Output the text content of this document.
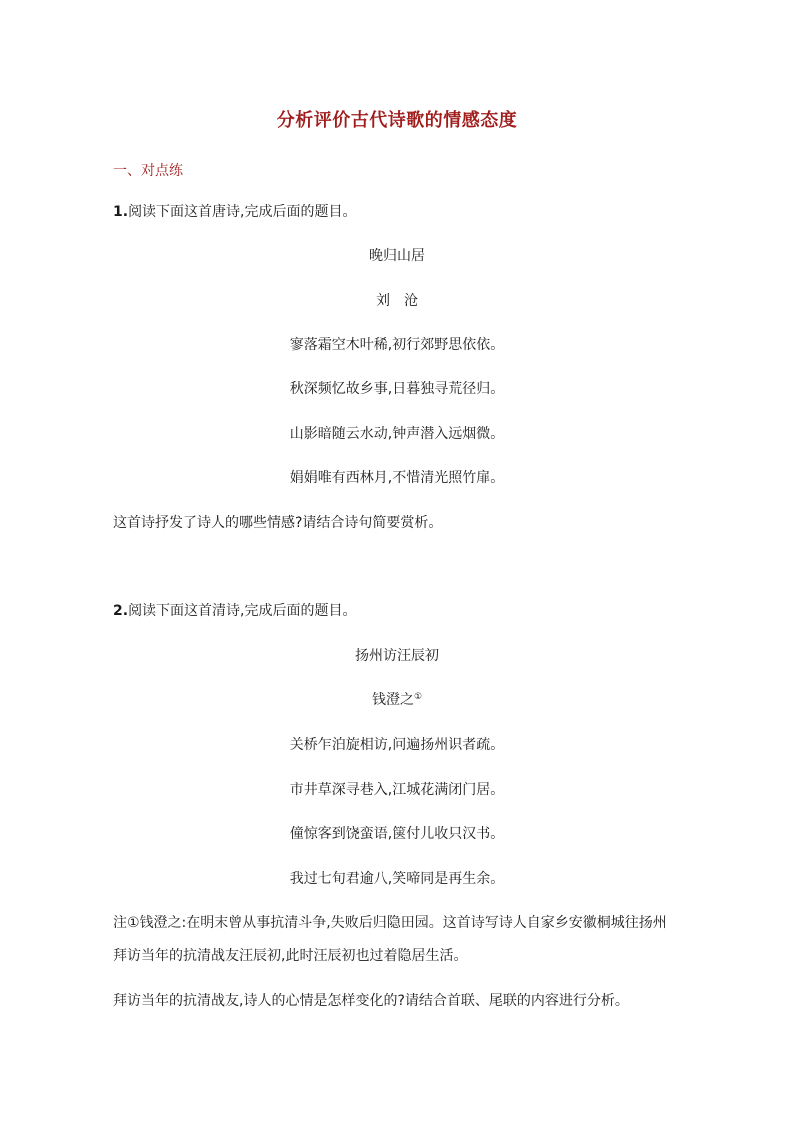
分析评价古代诗歌的情感态度
一、对点练
1.阅读下面这首唐诗,完成后面的题目。
晚归山居
刘　沧
寥落霜空木叶稀,初行郊野思依依。
秋深频忆故乡事,日暮独寻荒径归。
山影暗随云水动,钟声潜入远烟微。
娟娟唯有西林月,不惜清光照竹扉。
这首诗抒发了诗人的哪些情感?请结合诗句简要赏析。
2.阅读下面这首清诗,完成后面的题目。
扬州访汪辰初
钱澄之①
关桥乍泊旋相访,问遍扬州识者疏。
市井草深寻巷入,江城花满闭门居。
僮惊客到饶蛮语,箧付儿收只汉书。
我过七旬君逾八,笑啼同是再生余。
注①钱澄之:在明末曾从事抗清斗争,失败后归隐田园。这首诗写诗人自家乡安徽桐城往扬州
拜访当年的抗清战友汪辰初,此时汪辰初也过着隐居生活。
拜访当年的抗清战友,诗人的心情是怎样变化的?请结合首联、尾联的内容进行分析。
